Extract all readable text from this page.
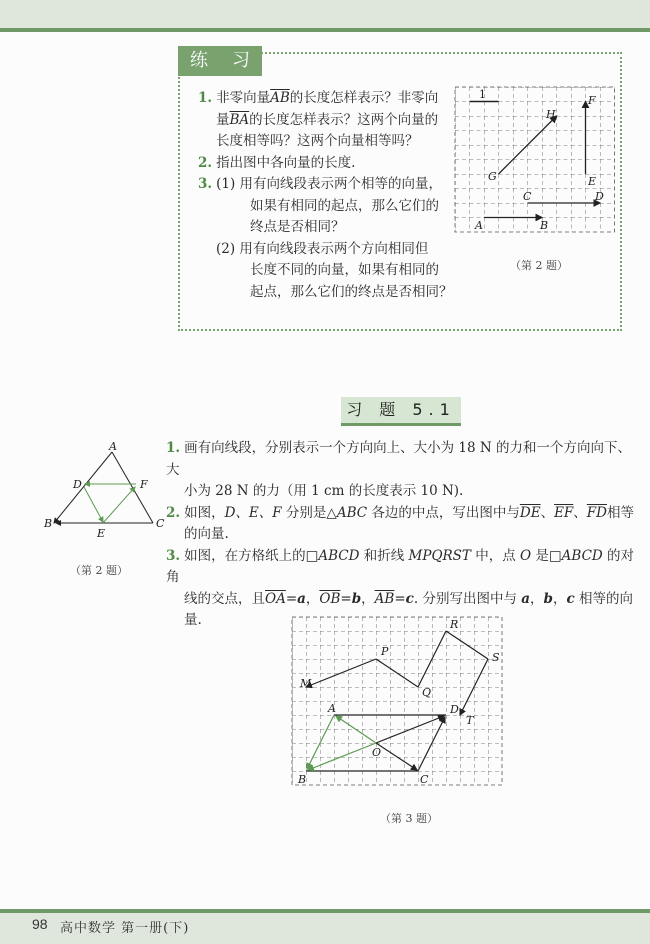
练 习
1. 非零向量$\overline{AB}$的长度怎样表示？非零向
量$\overline{BA}$的长度怎样表示？这两个向量的
长度相等吗？这两个向量相等吗？
2. 指出图中各向量的长度.
3. (1) 用有向线段表示两个相等的向量，
如果有相同的起点，那么它们的
终点是否相同？
(2) 用有向线段表示两个方向相同但
长度不同的向量，如果有相同的
起点，那么它们的终点是否相同？
1
G
H
F
E
C	D
A	B
（第 2 题）
习 题 5.1
A
B	C
D
E
F
（第 2 题）
1. 画有向线段，分别表示一个方向向上、大小为 18 N 的力和一个方向向下、大
小为 28 N 的力（用 1 cm 的长度表示 10 N).
2. 如图，D、E、F 分别是△ABC 各边的中点，写出图中与$\overline{DE}$、$\overline{EF}$、$\overline{FD}$相等
的向量.
3. 如图，在方格纸上的□ABCD 和折线 MPQRST 中，点 O 是□ABCD 的对角
线的交点，且$\overline{OA}=a$，$\overline{OB}=b$，$\overline{AB}=c$. 分别写出图中与 a，b，c 相等的向
量.
M
P
Q
R
S
T
A
B	C
D
O
（第 3 题）
98 高中数学 第一册(下)
